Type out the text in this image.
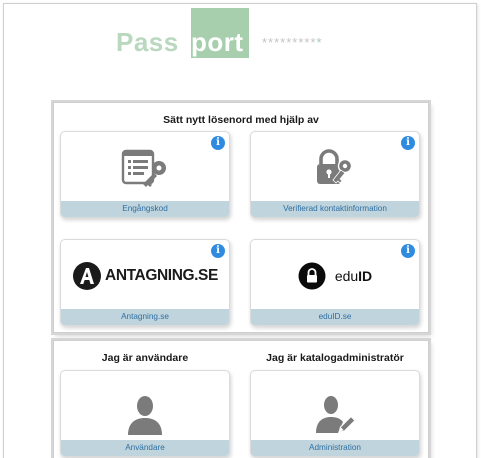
Pass port **********
Sätt nytt lösenord med hjälp av
i
Engångskod
i
Verifierad kontaktinformation
ANTAGNING.SE
i
Antagning.se
eduID
i
eduID.se
Jag är användare	Jag är katalogadministratör
Användare	Administration
